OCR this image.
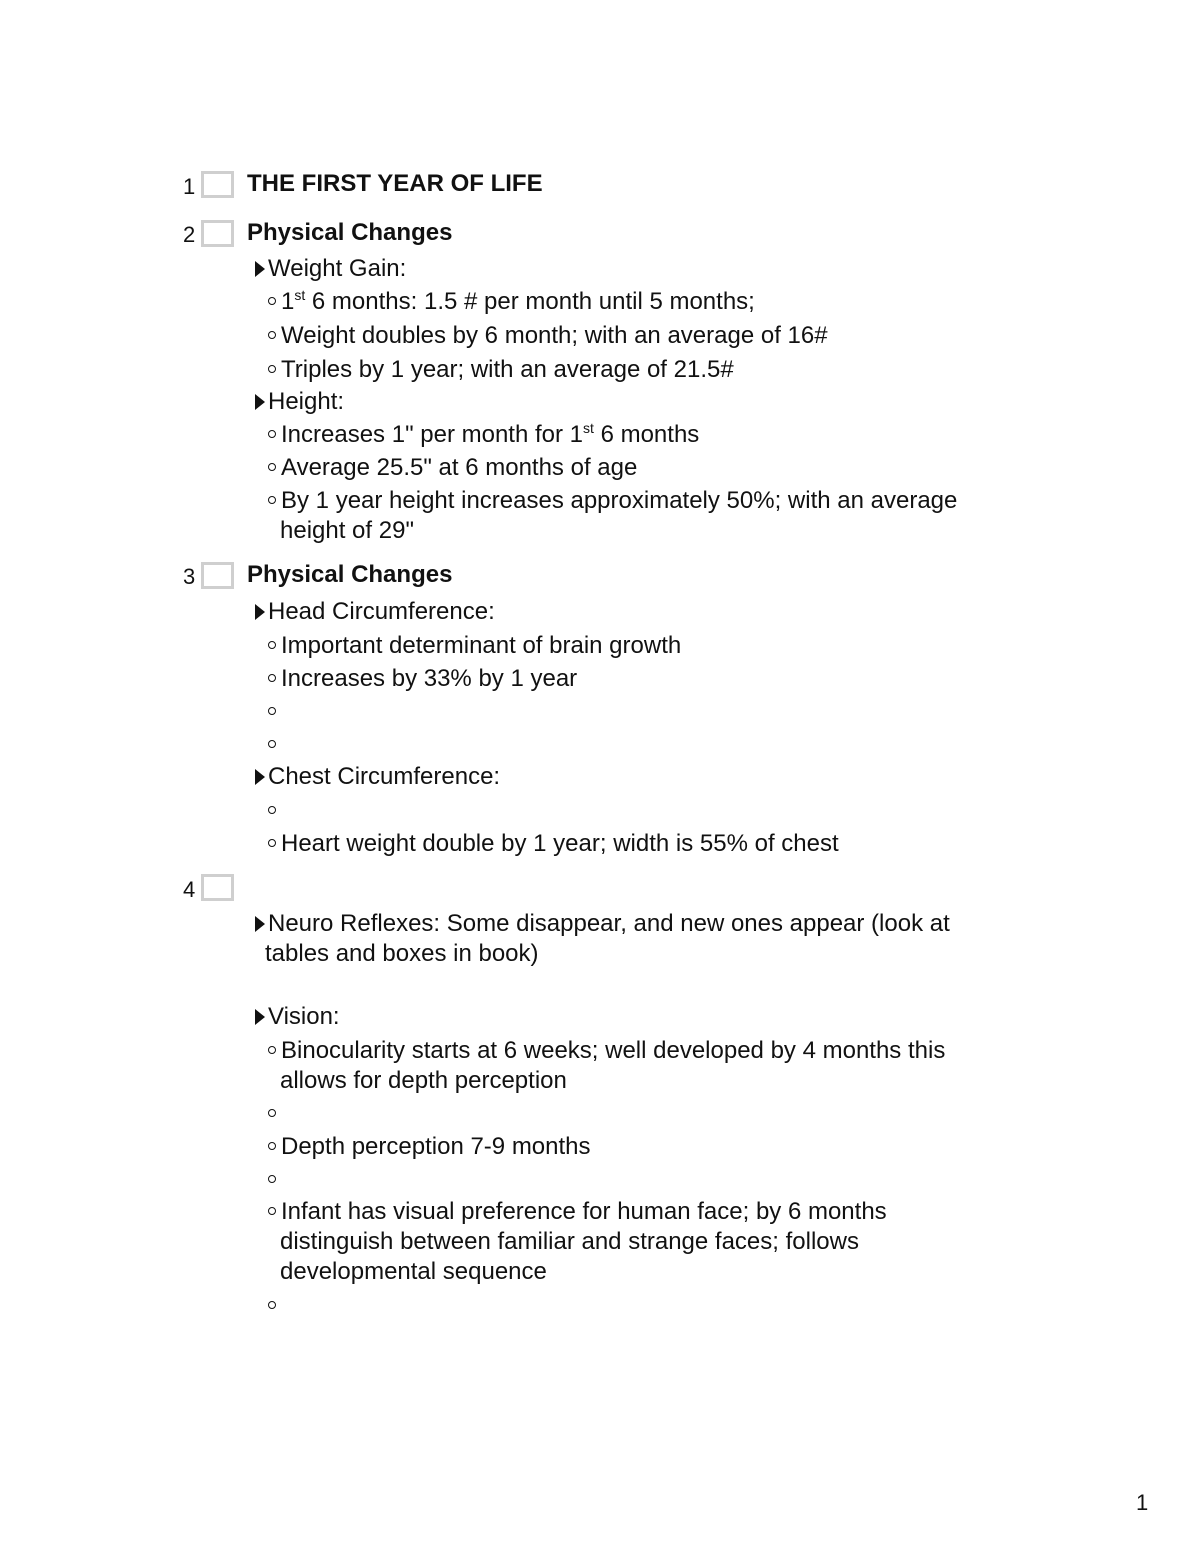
1 THE FIRST YEAR OF LIFE
2 Physical Changes
Weight Gain:
1st 6 months: 1.5 # per month until 5 months;
Weight doubles by 6 month; with an average of 16#
Triples by 1 year; with an average of 21.5#
Height:
Increases 1" per month for 1st 6 months
Average 25.5" at 6 months of age
By 1 year height increases approximately 50%; with an average
height of 29"
3 Physical Changes
Head Circumference:
Important determinant of brain growth
Increases by 33% by 1 year
Chest Circumference:
Heart weight double by 1 year; width is 55% of chest
4
Neuro Reflexes: Some disappear, and new ones appear (look at
tables and boxes in book)
Vision:
Binocularity starts at 6 weeks; well developed by 4 months this
allows for depth perception
Depth perception 7-9 months
Infant has visual preference for human face; by 6 months
distinguish between familiar and strange faces; follows
developmental sequence
1
